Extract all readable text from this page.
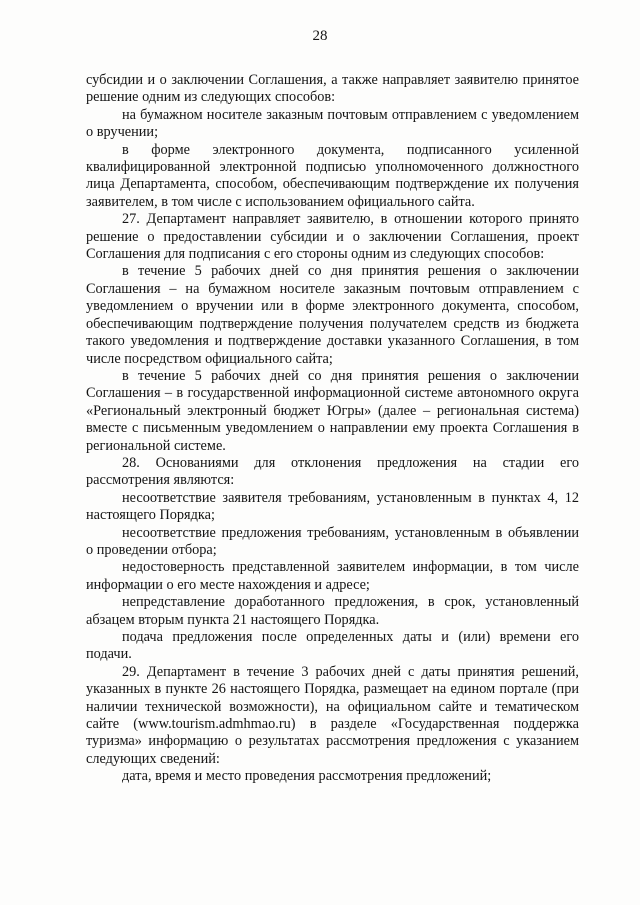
28

субсидии и о заключении Соглашения, а также направляет заявителю принятое решение одним из следующих способов:

на бумажном носителе заказным почтовым отправлением с уведомлением о вручении;

в форме электронного документа, подписанного усиленной квалифицированной электронной подписью уполномоченного должностного лица Департамента, способом, обеспечивающим подтверждение их получения заявителем, в том числе с использованием официального сайта.

27. Департамент направляет заявителю, в отношении которого принято решение о предоставлении субсидии и о заключении Соглашения, проект Соглашения для подписания с его стороны одним из следующих способов:

в течение 5 рабочих дней со дня принятия решения о заключении Соглашения – на бумажном носителе заказным почтовым отправлением с уведомлением о вручении или в форме электронного документа, способом, обеспечивающим подтверждение получения получателем средств из бюджета такого уведомления и подтверждение доставки указанного Соглашения, в том числе посредством официального сайта;

в течение 5 рабочих дней со дня принятия решения о заключении Соглашения – в государственной информационной системе автономного округа «Региональный электронный бюджет Югры» (далее – региональная система) вместе с письменным уведомлением о направлении ему проекта Соглашения в региональной системе.

28. Основаниями для отклонения предложения на стадии его рассмотрения являются:

несоответствие заявителя требованиям, установленным в пунктах 4, 12 настоящего Порядка;

несоответствие предложения требованиям, установленным в объявлении о проведении отбора;

недостоверность представленной заявителем информации, в том числе информации о его месте нахождения и адресе;

непредставление доработанного предложения, в срок, установленный абзацем вторым пункта 21 настоящего Порядка.

подача предложения после определенных даты и (или) времени его подачи.

29. Департамент в течение 3 рабочих дней с даты принятия решений, указанных в пункте 26 настоящего Порядка, размещает на едином портале (при наличии технической возможности), на официальном сайте и тематическом сайте (www.tourism.admhmao.ru) в разделе «Государственная поддержка туризма» информацию о результатах рассмотрения предложения с указанием следующих сведений:

дата, время и место проведения рассмотрения предложений;
